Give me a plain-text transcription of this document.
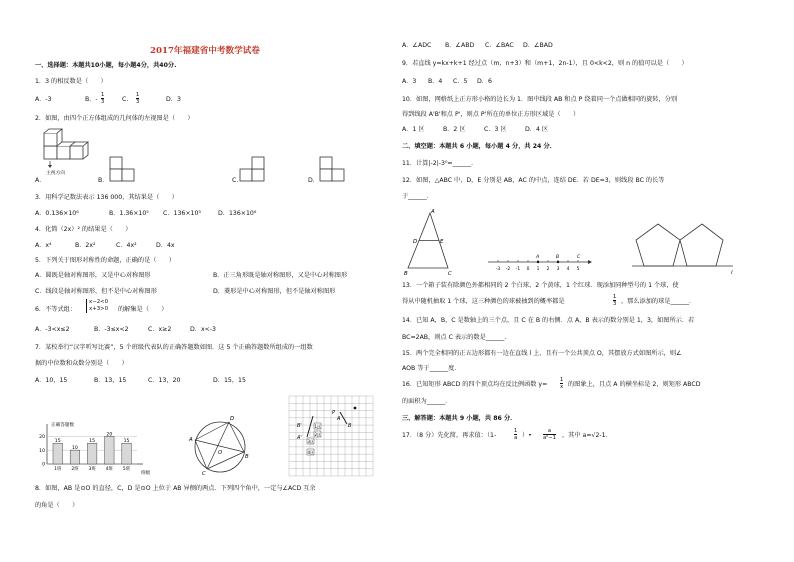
2017年福建省中考数学试卷
一、选择题：本题共10小题，每小题4分，共40分.
1．3 的相反数是（　　）
A．-3	B．- $\frac{1}{3}$	C． $\frac{1}{3}$	D．3
2．如图，由四个正方体组成的几何体的左视图是（　　）
主视方向
A．	B．	C．	D．
3．用科学记数法表示 136 000，其结果是（　　）
A．0.136×10⁶	B．1.36×10⁵ C．136×10³	D．136×10⁶
4．化简（2x）² 的结果是（　　）
A．x⁴	B．2x²	C．4x²	D．4x
5．下列关于图形对称性的命题，正确的是（　　）
A．圆既是轴对称图形，又是中心对称图形	B．正三角形既是轴对称图形，又是中心对称图形
C．线段是轴对称图形，但不是中心对称图形	D．菱形是中心对称图形，但不是轴对称图形
6．不等式组：
x−2<0
x+3>0 的解集是（　　）
A．-3<x≤2	B．-3≤x<2	C．x≥2	D．x<-3
7．某校举行“汉字听写比赛”，5 个班级代表队的正确答题数如图．这 5 个正确答题数所组成的一组数
据的中位数和众数分别是（　　）
A．10，15	B．13，15	C．13，20	D．15，15
正确答题数
班级
0
10
20
15
1班
10
2班
15
3班
20
4班
15
5班
A
B
C
D
O
P
B'
A
A'
B
1区
2区
3区
4区
8．如图，AB 是⊙O 的直径，C，D 是⊙O 上位于 AB 异侧的两点．下列四个角中，一定与∠ACD 互余
的角是（　　）
A．∠ADC B．∠ABD C．∠BAC D．∠BAD
9．若直线 y=kx+k+1 经过点（m，n+3）和（m+1，2n-1），且 0<k<2，则 n 的值可以是（　　）
A．3 B．4 C．5 D．6
10．如图，网格纸上正方形小格的边长为 1．图中线段 AB 和点 P 绕着同一个点做相同的旋转，分别
得到线段 A'B'和点 P'，则点 P'所在的单位正方形区域是（　　）
A．1 区	B．2 区	C．3 区	D．4 区
二、填空题：本题共 6 小题，每小题 4 分，共 24 分．
11．计算|-2|-3⁰=______．
12．如图，△ABC 中，D，E 分别是 AB，AC 的中点，连结 DE．若 DE=3，则线段 BC 的长等
于______．
A
D	E
B	C
-3 -2 -1 0 1 2 3 4 5
A	B	C
l
13．一个箱子装有除颜色外都相同的 2 个白球，2 个黄球，1 个红球．现添加同种型号的 1 个球，使
得从中随机抽取 1 个球，这三种颜色的球被抽到的概率都是	$\frac{1}{3}$ ，那么添加的球是______．
14．已知 A，B，C 是数轴上的三个点，且 C 在 B 的右侧．点 A，B 表示的数分别是 1，3，如图所示．若
BC=2AB，则点 C 表示的数是______．
15．两个完全相同的正五边形都有一边在直线 l 上，且有一个公共顶点 O，其摆放方式如图所示，则∠
AOB 等于______度．
16．已知矩形 ABCD 的四个顶点均在反比例函数 $y= \frac{1}{x}$ 的图象上，且点 A 的横坐标是 2，则矩形 ABCD
的面积为______．
三、解答题：本题共 9 小题，共 86 分．
17．（8 分）先化简，再求值：（1-	$\frac{1}{a}$ ）• $\frac{a}{\text{a²−1}}$ ，其中 a=√2-1．
